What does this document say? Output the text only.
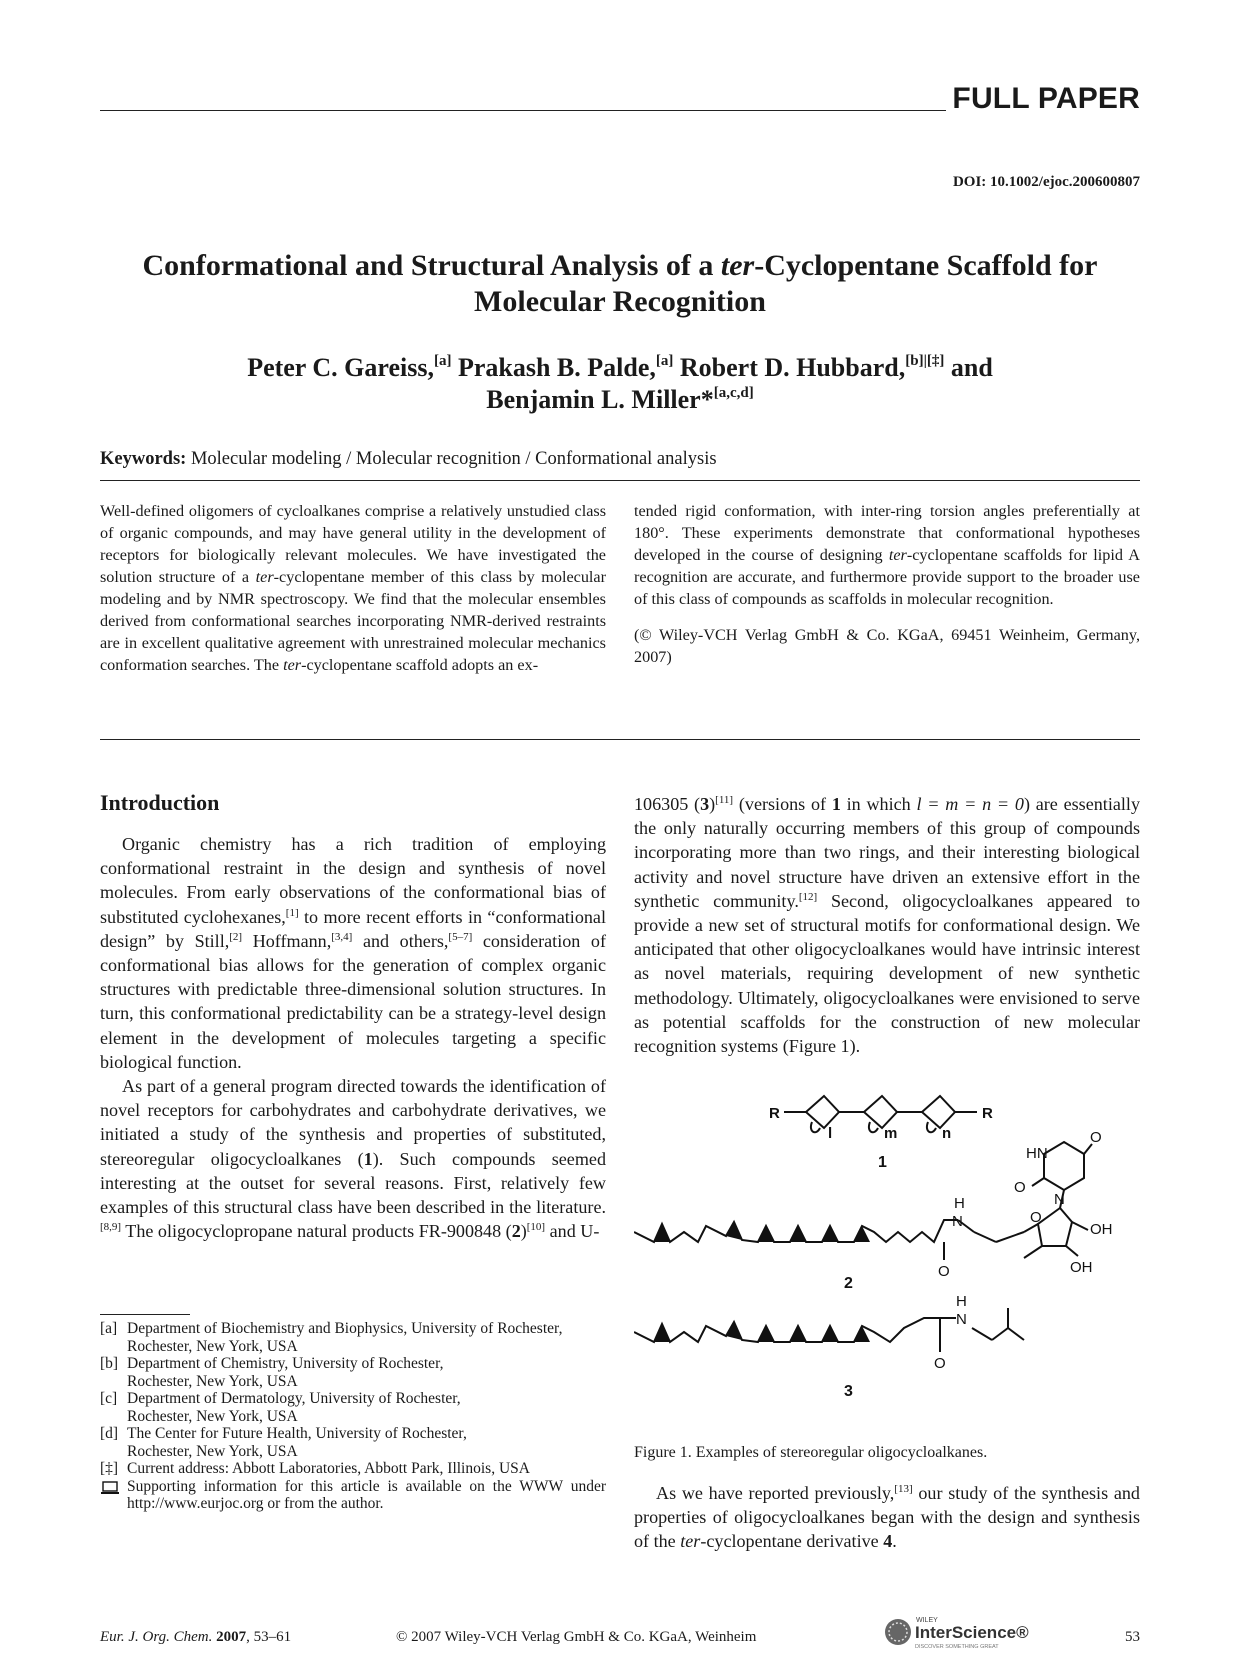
FULL PAPER
DOI: 10.1002/ejoc.200600807
Conformational and Structural Analysis of a ter-Cyclopentane Scaffold for Molecular Recognition
Peter C. Gareiss,[a] Prakash B. Palde,[a] Robert D. Hubbard,[b]|[‡] and
Benjamin L. Miller*[a,c,d]
Keywords: Molecular modeling / Molecular recognition / Conformational analysis
Well-defined oligomers of cycloalkanes comprise a relatively unstudied class of organic compounds, and may have general utility in the development of receptors for biologically relevant molecules. We have investigated the solution structure of a ter-cyclopentane member of this class by molecular modeling and by NMR spectroscopy. We find that the molecular ensembles derived from conformational searches incorporating NMR-derived restraints are in excellent qualitative agreement with unrestrained molecular mechanics conformation searches. The ter-cyclopentane scaffold adopts an ex-
tended rigid conformation, with inter-ring torsion angles preferentially at 180°. These experiments demonstrate that conformational hypotheses developed in the course of designing ter-cyclopentane scaffolds for lipid A recognition are accurate, and furthermore provide support to the broader use of this class of compounds as scaffolds in molecular recognition.
(© Wiley-VCH Verlag GmbH & Co. KGaA, 69451 Weinheim, Germany, 2007)
Introduction

Organic chemistry has a rich tradition of employing conformational restraint in the design and synthesis of novel molecules. From early observations of the conformational bias of substituted cyclohexanes,[1] to more recent efforts in “conformational design” by Still,[2] Hoffmann,[3,4] and others,[5–7] consideration of conformational bias allows for the generation of complex organic structures with predictable three-dimensional solution structures. In turn, this conformational predictability can be a strategy-level design element in the development of molecules targeting a specific biological function.

As part of a general program directed towards the identification of novel receptors for carbohydrates and carbohydrate derivatives, we initiated a study of the synthesis and properties of substituted, stereoregular oligocycloalkanes (1). Such compounds seemed interesting at the outset for several reasons. First, relatively few examples of this structural class have been described in the literature.[8,9] The oligocyclopropane natural products FR-900848 (2)[10] and U-

106305 (3)[11] (versions of 1 in which l = m = n = 0) are essentially the only naturally occurring members of this group of compounds incorporating more than two rings, and their interesting biological activity and novel structure have driven an extensive effort in the synthetic community.[12] Second, oligocycloalkanes appeared to provide a new set of structural motifs for conformational design. We anticipated that other oligocycloalkanes would have intrinsic interest as novel materials, requiring development of new synthetic methodology. Ultimately, oligocycloalkanes were envisioned to serve as potential scaffolds for the construction of new molecular recognition systems (Figure 1).

R	R
l	m	n
1
O
HN
O
N
O
OH
OH
H
N
O
2
H
N
O
3
Figure 1. Examples of stereoregular oligocycloalkanes.

As we have reported previously,[13] our study of the synthesis and properties of oligocycloalkanes began with the design and synthesis of the ter-cyclopentane derivative 4.

[a] Department of Biochemistry and Biophysics, University of Rochester,
Rochester, New York, USA
[b] Department of Chemistry, University of Rochester,
Rochester, New York, USA
[c] Department of Dermatology, University of Rochester,
Rochester, New York, USA
[d] The Center for Future Health, University of Rochester,
Rochester, New York, USA
[‡] Current address: Abbott Laboratories, Abbott Park, Illinois, USA
Supporting information for this article is available on the WWW under http://www.eurjoc.org or from the author.
Eur. J. Org. Chem. 2007, 53–61	© 2007 Wiley-VCH Verlag GmbH & Co. KGaA, Weinheim
WILEY
InterScience®
DISCOVER SOMETHING GREAT
53
